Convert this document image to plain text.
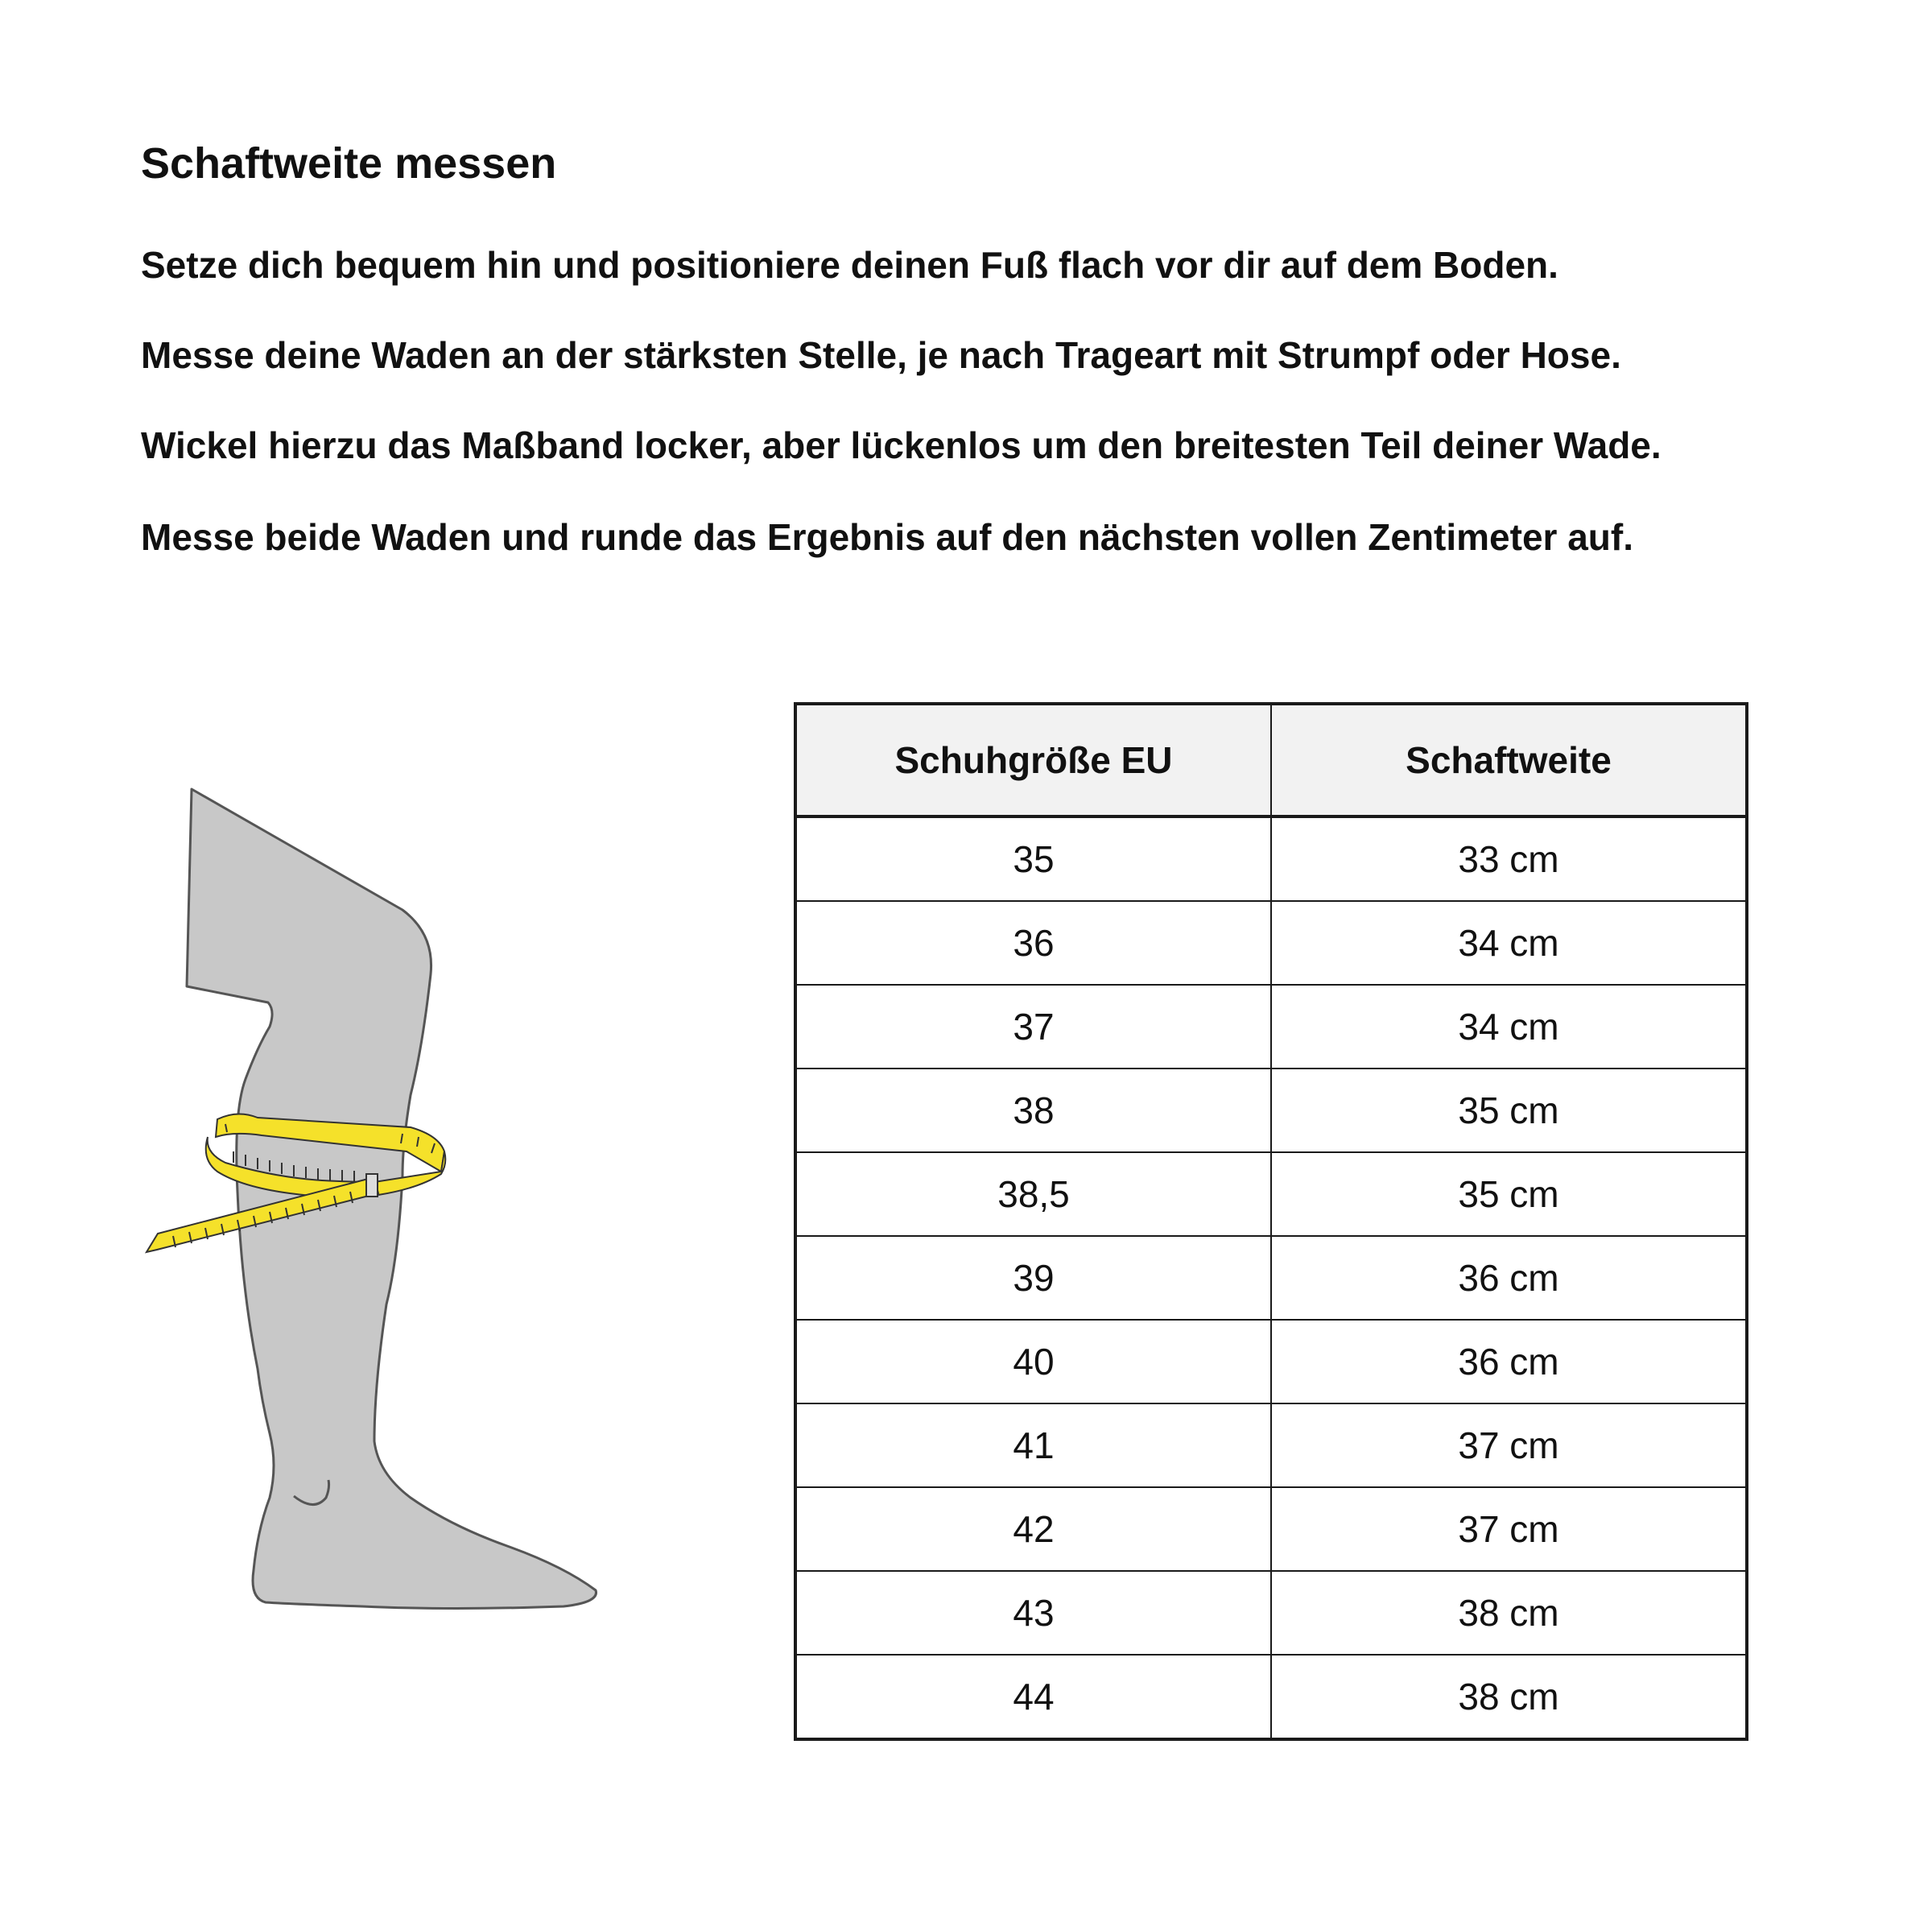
Schaftweite messen

Setze dich bequem hin und positioniere deinen Fuß flach vor dir auf dem Boden.

Messe deine Waden an der stärksten Stelle, je nach Trageart mit Strumpf oder Hose.

Wickel hierzu das Maßband locker, aber lückenlos um den breitesten Teil deiner Wade.

Messe beide Waden und runde das Ergebnis auf den nächsten vollen Zentimeter auf.

Schuhgröße EU	Schaftweite
35	33 cm
36	34 cm
37	34 cm
38	35 cm
38,5	35 cm
39	36 cm
40	36 cm
41	37 cm
42	37 cm
43	38 cm
44	38 cm
